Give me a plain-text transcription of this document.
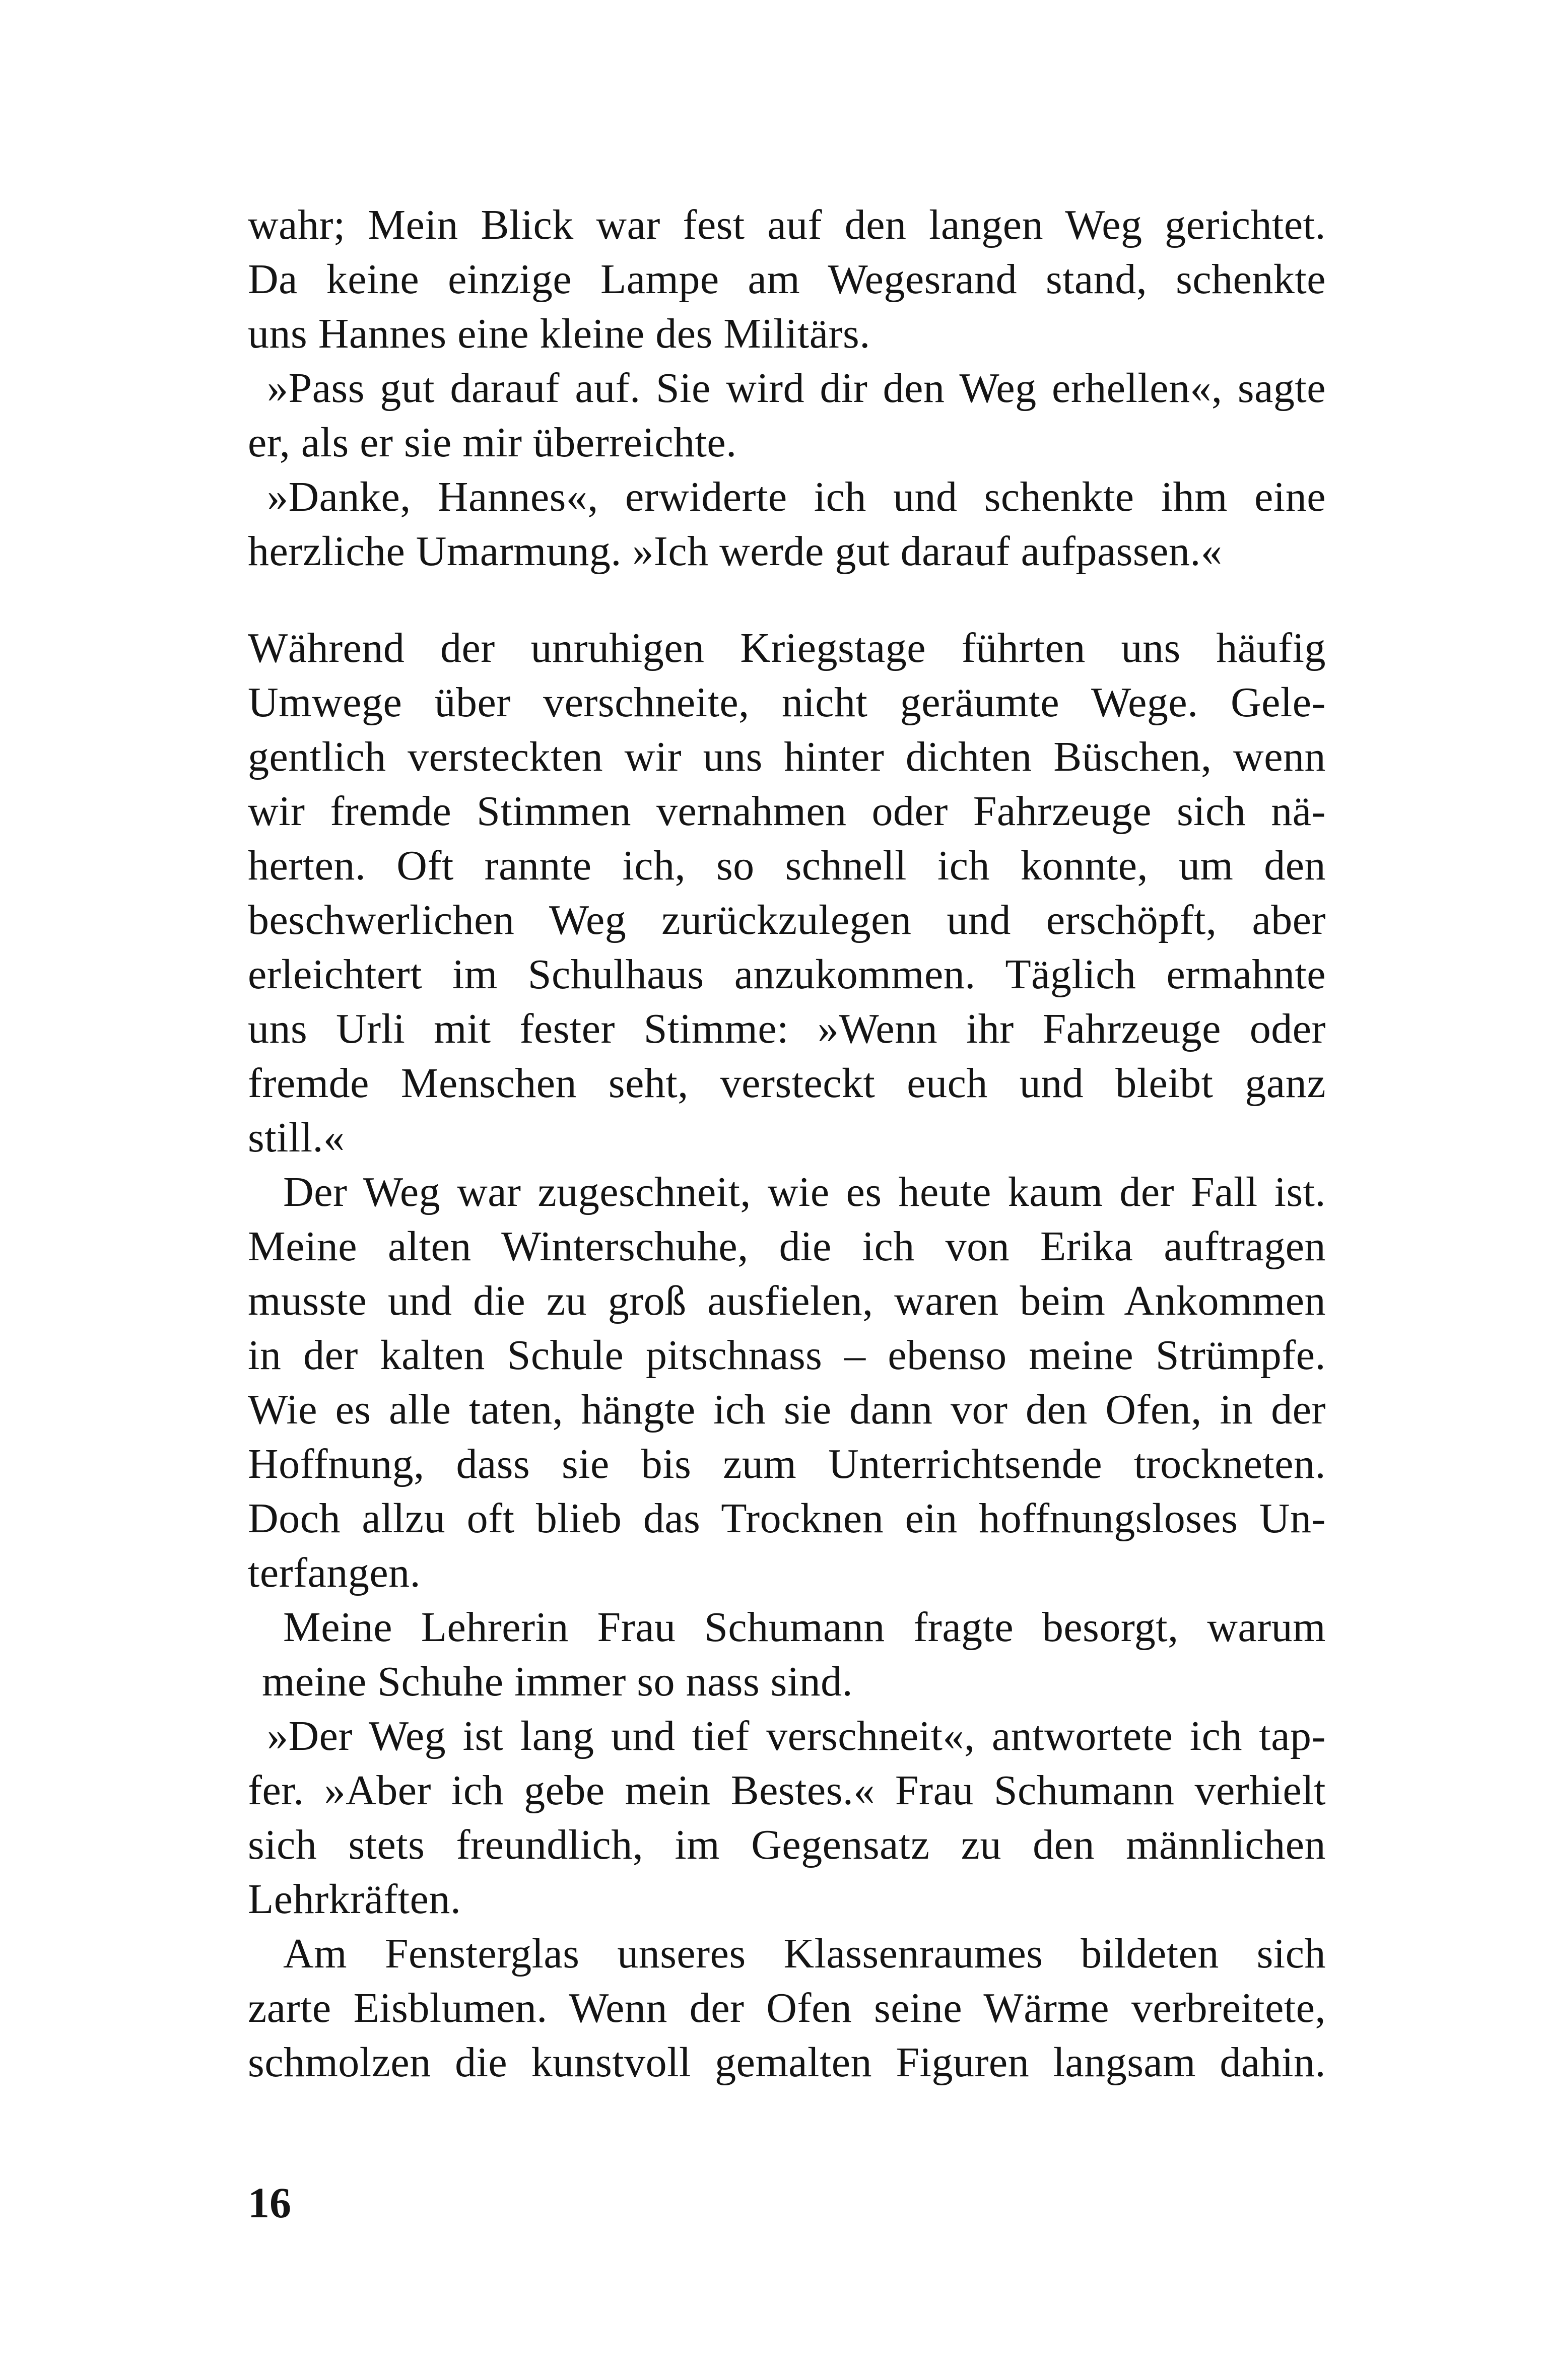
wahr; Mein Blick war fest auf den langen Weg gerichtet.
Da keine einzige Lampe am Wegesrand stand, schenkte
uns Hannes eine kleine des Militärs.
»Pass gut darauf auf. Sie wird dir den Weg erhellen«, sagte
er, als er sie mir überreichte.
»Danke, Hannes«, erwiderte ich und schenkte ihm eine
herzliche Umarmung. »Ich werde gut darauf aufpassen.«
Während der unruhigen Kriegstage führten uns häufig
Umwege über verschneite, nicht geräumte Wege. Gele-
gentlich versteckten wir uns hinter dichten Büschen, wenn
wir fremde Stimmen vernahmen oder Fahrzeuge sich nä-
herten. Oft rannte ich, so schnell ich konnte, um den
beschwerlichen Weg zurückzulegen und erschöpft, aber
erleichtert im Schulhaus anzukommen. Täglich ermahnte
uns Urli mit fester Stimme: »Wenn ihr Fahrzeuge oder
fremde Menschen seht, versteckt euch und bleibt ganz
still.«
Der Weg war zugeschneit, wie es heute kaum der Fall ist.
Meine alten Winterschuhe, die ich von Erika auftragen
musste und die zu groß ausfielen, waren beim Ankommen
in der kalten Schule pitschnass – ebenso meine Strümpfe.
Wie es alle taten, hängte ich sie dann vor den Ofen, in der
Hoffnung, dass sie bis zum Unterrichtsende trockneten.
Doch allzu oft blieb das Trocknen ein hoffnungsloses Un-
terfangen.
Meine Lehrerin Frau Schumann fragte besorgt, warum
meine Schuhe immer so nass sind.
»Der Weg ist lang und tief verschneit«, antwortete ich tap-
fer. »Aber ich gebe mein Bestes.« Frau Schumann verhielt
sich stets freundlich, im Gegensatz zu den männlichen
Lehrkräften.
Am Fensterglas unseres Klassenraumes bildeten sich
zarte Eisblumen. Wenn der Ofen seine Wärme verbreitete,
schmolzen die kunstvoll gemalten Figuren langsam dahin.
16
